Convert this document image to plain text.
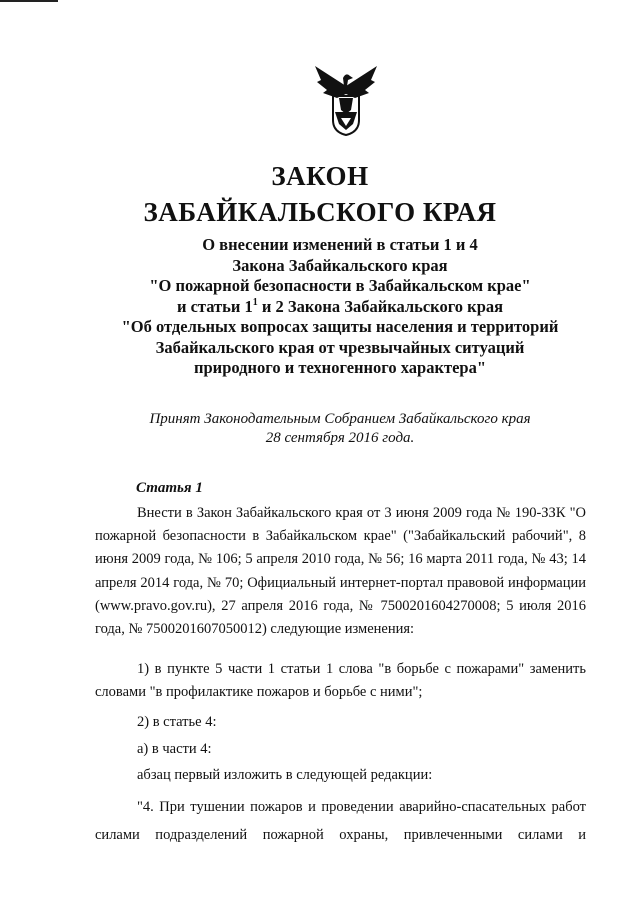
ЗАКОН
ЗАБАЙКАЛЬСКОГО КРАЯ
О внесении изменений в статьи 1 и 4
Закона Забайкальского края
"О пожарной безопасности в Забайкальском крае"
и статьи $1^1$ и 2 Закона Забайкальского края
"Об отдельных вопросах защиты населения и территорий
Забайкальского края от чрезвычайных ситуаций
природного и техногенного характера"
Принят Законодательным Собранием Забайкальского края
28 сентября 2016 года.
Статья 1
Внести в Закон Забайкальского края от 3 июня 2009 года № 190-ЗЗК "О пожарной безопасности в Забайкальском крае" ("Забайкальский рабочий", 8 июня 2009 года, № 106; 5 апреля 2010 года, № 56; 16 марта 2011 года, № 43; 14 апреля 2014 года, № 70; Официальный интернет-портал правовой информации (www.pravo.gov.ru), 27 апреля 2016 года, № 7500201604270008; 5 июля 2016 года, № 7500201607050012) следующие изменения:
1) в пункте 5 части 1 статьи 1 слова "в борьбе с пожарами" заменить словами "в профилактике пожаров и борьбе с ними";
2) в статье 4:
а) в части 4:
абзац первый изложить в следующей редакции:
"4. При тушении пожаров и проведении аварийно-спасательных работ силами подразделений пожарной охраны, привлеченными силами и
